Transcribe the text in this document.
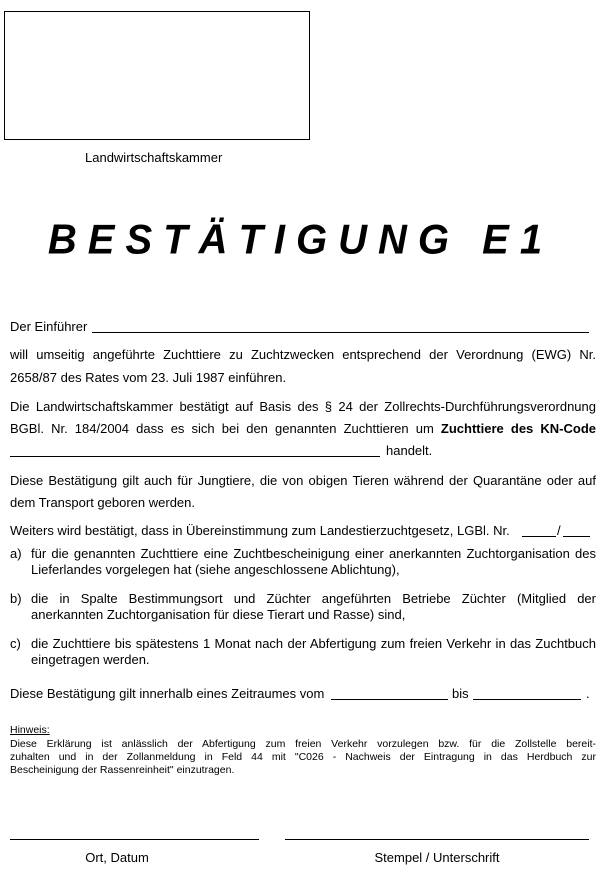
Landwirtschaftskammer
BESTÄTIGUNG E1
Der Einführer
will umseitig angeführte Zuchttiere zu Zuchtzwecken entsprechend der Verordnung (EWG) Nr.
2658/87 des Rates vom 23. Juli 1987 einführen.
Die Landwirtschaftskammer bestätigt auf Basis des § 24 der Zollrechts-Durchführungsverordnung
BGBl. Nr. 184/2004 dass es sich bei den genannten Zuchttieren um Zuchttiere des KN-Code
handelt.
Diese Bestätigung gilt auch für Jungtiere, die von obigen Tieren während der Quarantäne oder auf
dem Transport geboren werden.
Weiters wird bestätigt, dass in Übereinstimmung zum Landestierzuchtgesetz, LGBl. Nr.	/
a) für die genannten Zuchttiere eine Zuchtbescheinigung einer anerkannten Zuchtorganisation des
Lieferlandes vorgelegen hat (siehe angeschlossene Ablichtung),
b) die in Spalte Bestimmungsort und Züchter angeführten Betriebe Züchter (Mitglied der
anerkannten Zuchtorganisation für diese Tierart und Rasse) sind,
c) die Zuchttiere bis spätestens 1 Monat nach der Abfertigung zum freien Verkehr in das Zuchtbuch
eingetragen werden.
Diese Bestätigung gilt innerhalb eines Zeitraumes vom	bis	.
Hinweis:
Diese Erklärung ist anlässlich der Abfertigung zum freien Verkehr vorzulegen bzw. für die Zollstelle bereit-
zuhalten und in der Zollanmeldung in Feld 44 mit "C026 - Nachweis der Eintragung in das Herdbuch zur
Bescheinigung der Rassenreinheit" einzutragen.
Ort, Datum	Stempel / Unterschrift
